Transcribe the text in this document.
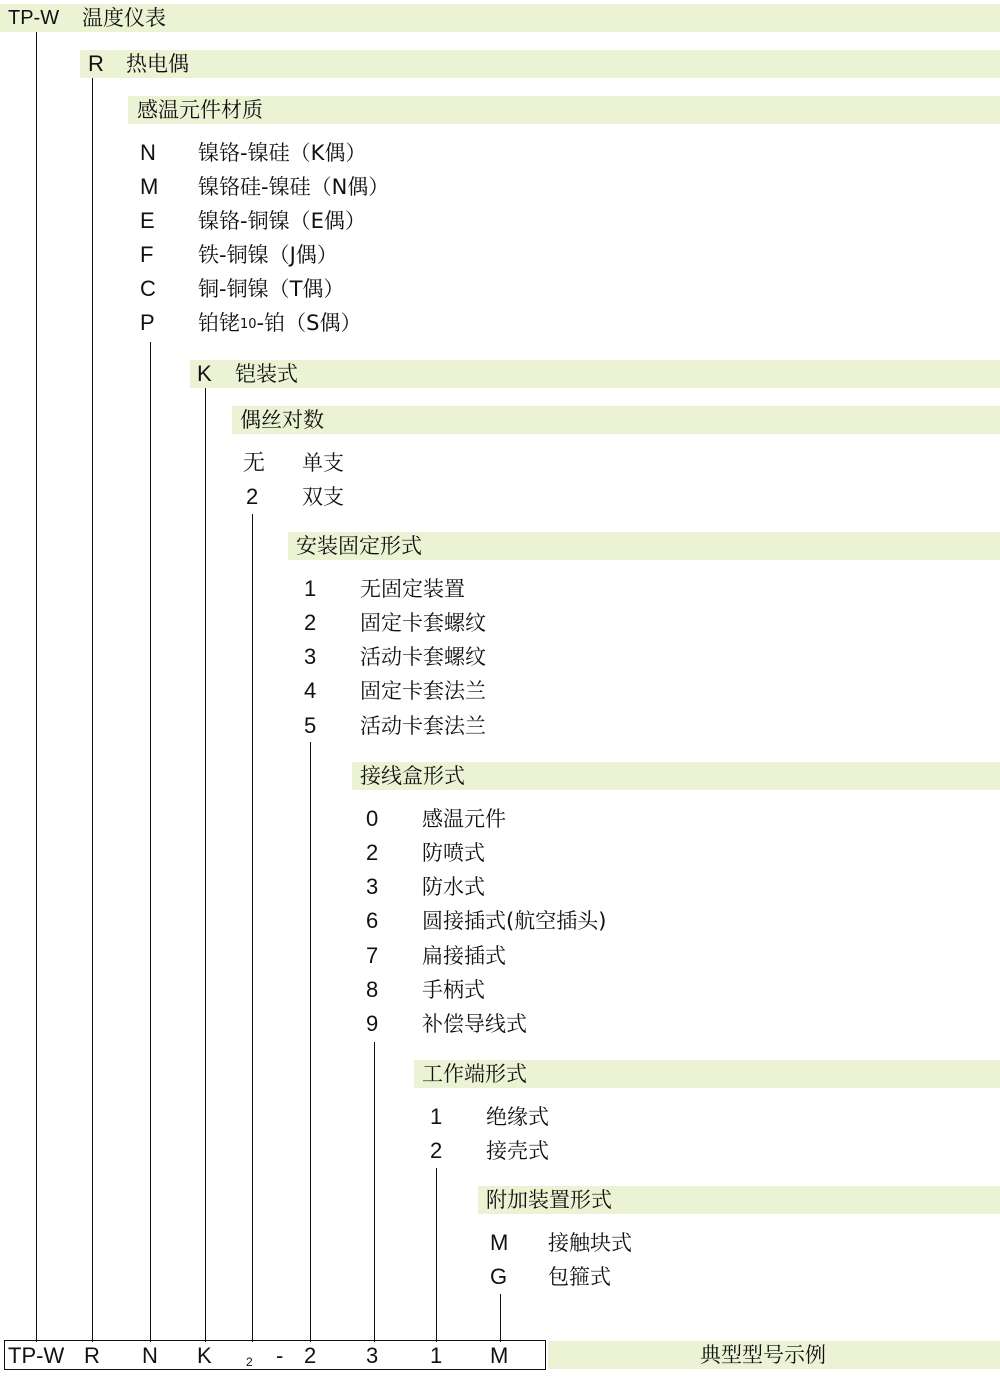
TP-W 温度仪表
R 热电偶
感温元件材质
N 镍铬-镍硅（K偶）
M 镍铬硅-镍硅（N偶）
E 镍铬-铜镍（E偶）
F 铁-铜镍（J偶）
C 铜-铜镍（T偶）
P 铂铑10-铂（S偶）
K 铠装式
偶丝对数
无 单支
2 双支
安装固定形式
1 无固定装置
2 固定卡套螺纹
3 活动卡套螺纹
4 固定卡套法兰
5 活动卡套法兰
接线盒形式
0 感温元件
2 防喷式
3 防水式
6 圆接插式(航空插头)
7 扁接插式
8 手柄式
9 补偿导线式
工作端形式
1 绝缘式
2 接壳式
附加装置形式
M 接触块式
G 包箍式
TP-W R N K	$_2$ - 2 3 1 M	典型型号示例
